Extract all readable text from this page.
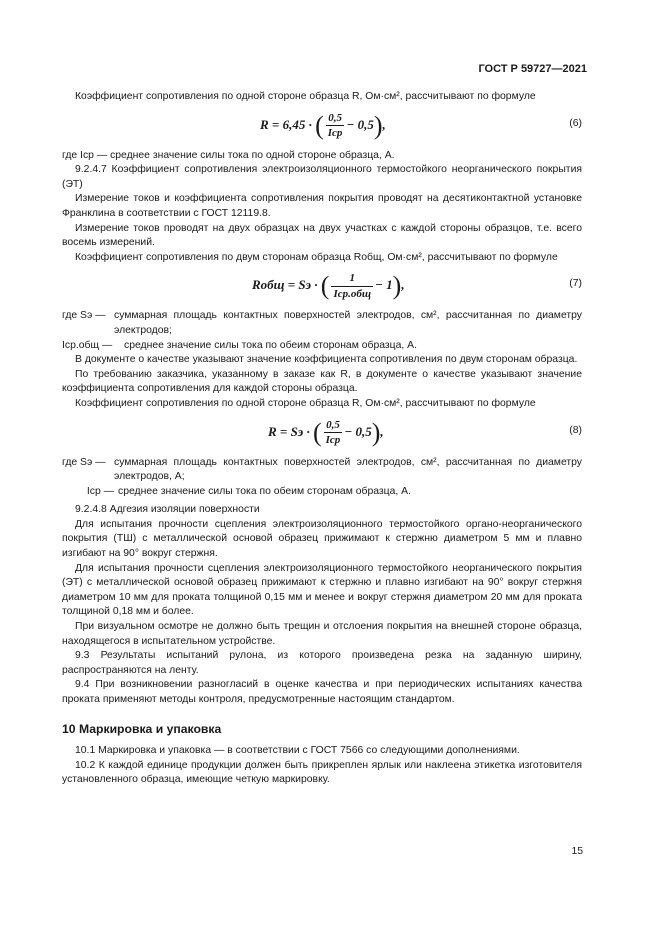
ГОСТ Р 59727—2021

Коэффициент сопротивления по одной стороне образца R, Ом·см², рассчитывают по формуле

R = 6,45 · ( $\frac{0,5}{\text{Iср}} - 0,5$),	(6)

где Iср — среднее значение силы тока по одной стороне образца, А.

9.2.4.7 Коэффициент сопротивления электроизоляционного термостойкого неорганического покрытия (ЭТ)

Измерение токов и коэффициента сопротивления покрытия проводят на десятиконтактной установке Франклина в соответствии с ГОСТ 12119.8.

Измерение токов проводят на двух образцах на двух участках с каждой стороны образцов, т.е. всего восемь измерений.

Коэффициент сопротивления по двум сторонам образца Rобщ, Ом·см², рассчитывают по формуле

Rобщ = Sэ · ( $\frac{1}{\text{Iср.общ}} - 1$),	(7)
где Sэ — суммарная площадь контактных поверхностей электродов, см², рассчитанная по диаметру электродов;
Iср.общ —	среднее значение силы тока по обеим сторонам образца, А.

В документе о качестве указывают значение коэффициента сопротивления по двум сторонам образца.

По требованию заказчика, указанному в заказе как R, в документе о качестве указывают значение коэффициента сопротивления для каждой стороны образца.

Коэффициент сопротивления по одной стороне образца R, Ом·см², рассчитывают по формуле

R = Sэ · ( $\frac{0,5}{\text{Iср}} - 0,5$),	(8)
где Sэ — суммарная площадь контактных поверхностей электродов, см², рассчитанная по диаметру электродов, А;
Iср — среднее значение силы тока по обеим сторонам образца, А.

9.2.4.8 Адгезия изоляции поверхности

Для испытания прочности сцепления электроизоляционного термостойкого органо-неорганического покрытия (ТШ) с металлической основой образец прижимают к стержню диаметром 5 мм и плавно изгибают на 90° вокруг стержня.

Для испытания прочности сцепления электроизоляционного термостойкого неорганического покрытия (ЭТ) с металлической основой образец прижимают к стержню и плавно изгибают на 90° вокруг стержня диаметром 10 мм для проката толщиной 0,15 мм и менее и вокруг стержня диаметром 20 мм для проката толщиной 0,18 мм и более.

При визуальном осмотре не должно быть трещин и отслоения покрытия на внешней стороне образца, находящегося в испытательном устройстве.

9.3 Результаты испытаний рулона, из которого произведена резка на заданную ширину, распространяются на ленту.

9.4 При возникновении разногласий в оценке качества и при периодических испытаниях качества проката применяют методы контроля, предусмотренные настоящим стандартом.

10 Маркировка и упаковка

10.1 Маркировка и упаковка — в соответствии с ГОСТ 7566 со следующими дополнениями.

10.2 К каждой единице продукции должен быть прикреплен ярлык или наклеена этикетка изготовителя установленного образца, имеющие четкую маркировку.

15
